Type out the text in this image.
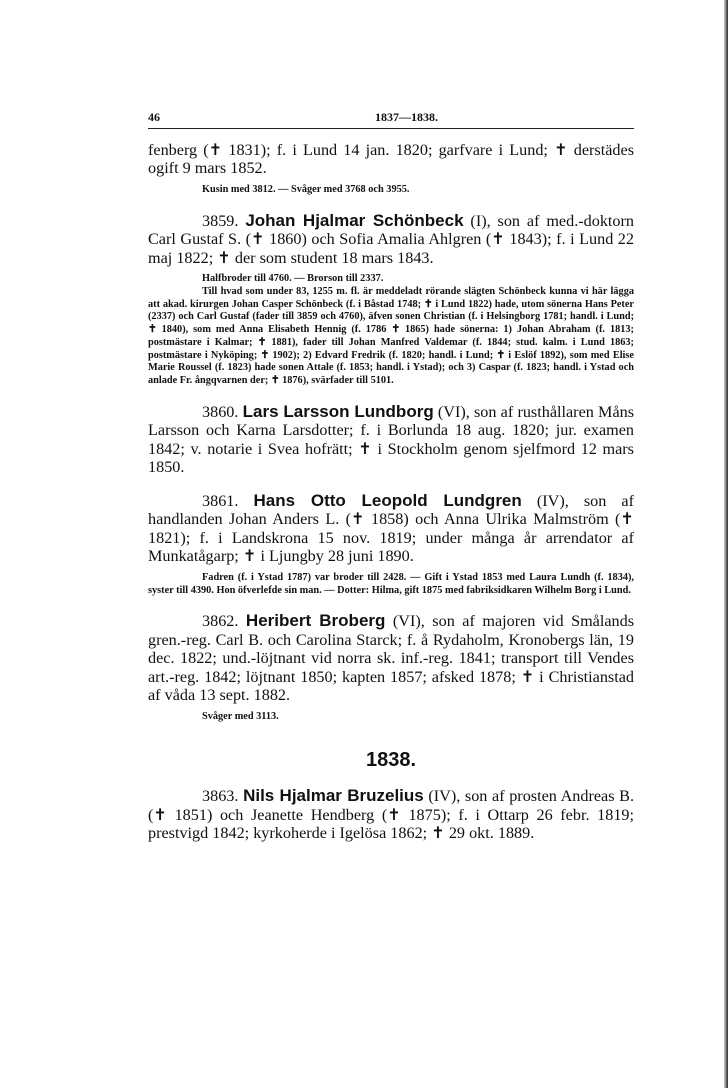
46	1837—1838.

fenberg (✝ 1831); f. i Lund 14 jan. 1820; garfvare i Lund; ✝ derstädes ogift 9 mars 1852.

Kusin med 3812. — Svåger med 3768 och 3955.

3859. Johan Hjalmar Schönbeck (I), son af med.-doktorn Carl Gustaf S. (✝ 1860) och Sofia Amalia Ahlgren (✝ 1843); f. i Lund 22 maj 1822; ✝ der som student 18 mars 1843.

Halfbroder till 4760. — Brorson till 2337.

Till hvad som under 83, 1255 m. fl. är meddeladt rörande slägten Schönbeck kunna vi här lägga att akad. kirurgen Johan Casper Schönbeck (f. i Båstad 1748; ✝ i Lund 1822) hade, utom sönerna Hans Peter (2337) och Carl Gustaf (fader till 3859 och 4760), äfven sonen Christian (f. i Helsingborg 1781; handl. i Lund; ✝ 1840), som med Anna Elisabeth Hennig (f. 1786 ✝ 1865) hade sönerna: 1) Johan Abraham (f. 1813; postmästare i Kalmar; ✝ 1881), fader till Johan Manfred Valdemar (f. 1844; stud. kalm. i Lund 1863; postmästare i Nyköping; ✝ 1902); 2) Edvard Fredrik (f. 1820; handl. i Lund; ✝ i Eslöf 1892), som med Elise Marie Roussel (f. 1823) hade sonen Attale (f. 1853; handl. i Ystad); och 3) Caspar (f. 1823; handl. i Ystad och anlade Fr. ångqvarnen der; ✝ 1876), svärfader till 5101.

3860. Lars Larsson Lundborg (VI), son af rusthållaren Måns Larsson och Karna Larsdotter; f. i Borlunda 18 aug. 1820; jur. examen 1842; v. notarie i Svea hofrätt; ✝ i Stockholm genom sjelfmord 12 mars 1850.

3861. Hans Otto Leopold Lundgren (IV), son af handlanden Johan Anders L. (✝ 1858) och Anna Ulrika Malmström (✝ 1821); f. i Landskrona 15 nov. 1819; under många år arrendator af Munkatågarp; ✝ i Ljungby 28 juni 1890.

Fadren (f. i Ystad 1787) var broder till 2428. — Gift i Ystad 1853 med Laura Lundh (f. 1834), syster till 4390. Hon öfverlefde sin man. — Dotter: Hilma, gift 1875 med fabriksidkaren Wilhelm Borg i Lund.

3862. Heribert Broberg (VI), son af majoren vid Smålands gren.-reg. Carl B. och Carolina Starck; f. å Rydaholm, Kronobergs län, 19 dec. 1822; und.-löjtnant vid norra sk. inf.-reg. 1841; transport till Vendes art.-reg. 1842; löjtnant 1850; kapten 1857; afsked 1878; ✝ i Christianstad af våda 13 sept. 1882.

Svåger med 3113.

1838.

3863. Nils Hjalmar Bruzelius (IV), son af prosten Andreas B. (✝ 1851) och Jeanette Hendberg (✝ 1875); f. i Ottarp 26 febr. 1819; prestvigd 1842; kyrkoherde i Igelösa 1862; ✝ 29 okt. 1889.
